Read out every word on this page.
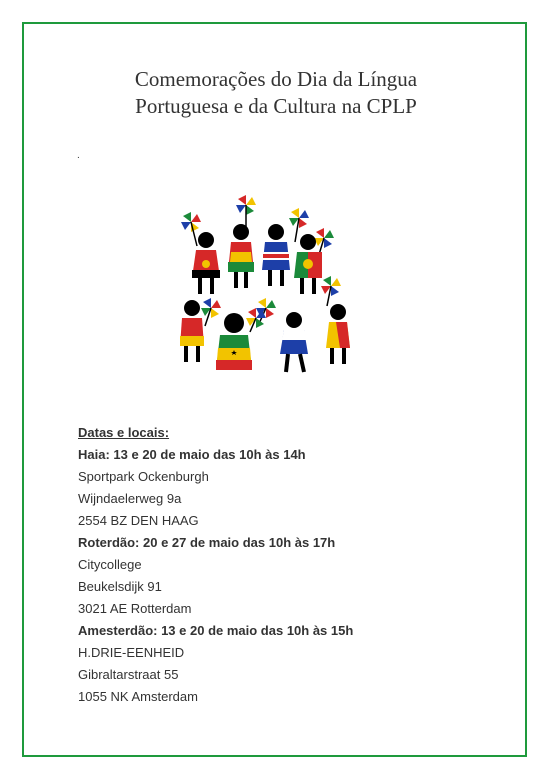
Comemorações do Dia da Língua
Portuguesa e da Cultura na CPLP
.
Datas e locais:
Haia: 13 e 20 de maio das 10h às 14h
Sportpark Ockenburgh
Wijndaelerweg 9a
2554 BZ DEN HAAG
Roterdão: 20 e 27 de maio das 10h às 17h
Citycollege
Beukelsdijk 91
3021 AE Rotterdam
Amesterdão: 13 e 20 de maio das 10h às 15h
H.DRIE-EENHEID
Gibraltarstraat 55
1055 NK Amsterdam
